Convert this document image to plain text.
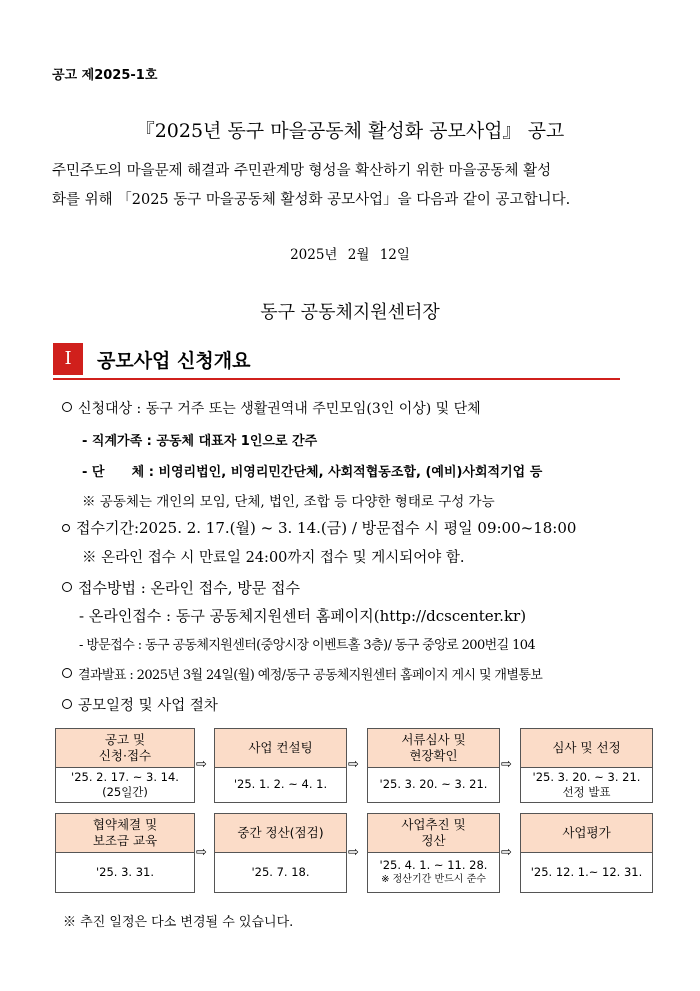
공고 제2025-1호
『2025년 동구 마을공동체 활성화 공모사업』 공고

주민주도의 마을문제 해결과 주민관계망 형성을 확산하기 위한 마을공동체 활성

화를 위해 「2025 동구 마을공동체 활성화 공모사업」을 다음과 같이 공고합니다.

2025년 2월 12일
동구 공동체지원센터장
I	공모사업 신청개요
신청대상 : 동구 거주 또는 생활권역내 주민모임(3인 이상) 및 단체
- 직계가족 : 공동체 대표자 1인으로 간주
- 단      체 : 비영리법인, 비영리민간단체, 사회적협동조합, (예비)사회적기업 등
※ 공동체는 개인의 모임, 단체, 법인, 조합 등 다양한 형태로 구성 가능
접수기간:2025. 2. 17.(월) ~ 3. 14.(금) / 방문접수 시 평일 09:00~18:00
※ 온라인 접수 시 만료일 24:00까지 접수 및 게시되어야 함.
접수방법 : 온라인 접수, 방문 접수
- 온라인접수 : 동구 공동체지원센터 홈페이지(http://dcscenter.kr)
- 방문접수 : 동구 공동체지원센터(중앙시장 이벤트홀 3층)/ 동구 중앙로 200번길 104
결과발표 : 2025년 3월 24일(월) 예정/동구 공동체지원센터 홈페이지 게시 및 개별통보
공모일정 및 사업 절차
공고 및
신청·접수
'25. 2. 17. ~ 3. 14.
(25일간)
⇨
사업 컨설팅
'25. 1. 2. ~ 4. 1.
⇨
서류심사 및
현장확인
'25. 3. 20. ~ 3. 21.
⇨
심사 및 선정
'25. 3. 20. ~ 3. 21.
선정 발표
협약체결 및
보조금 교육
'25. 3. 31.
⇨
중간 정산(점검)
'25. 7. 18.
⇨
사업추진 및
정산
'25. 4. 1. ~ 11. 28.
※ 정산기간 반드시 준수
⇨
사업평가
'25. 12. 1.~ 12. 31.
※ 추진 일정은 다소 변경될 수 있습니다.
